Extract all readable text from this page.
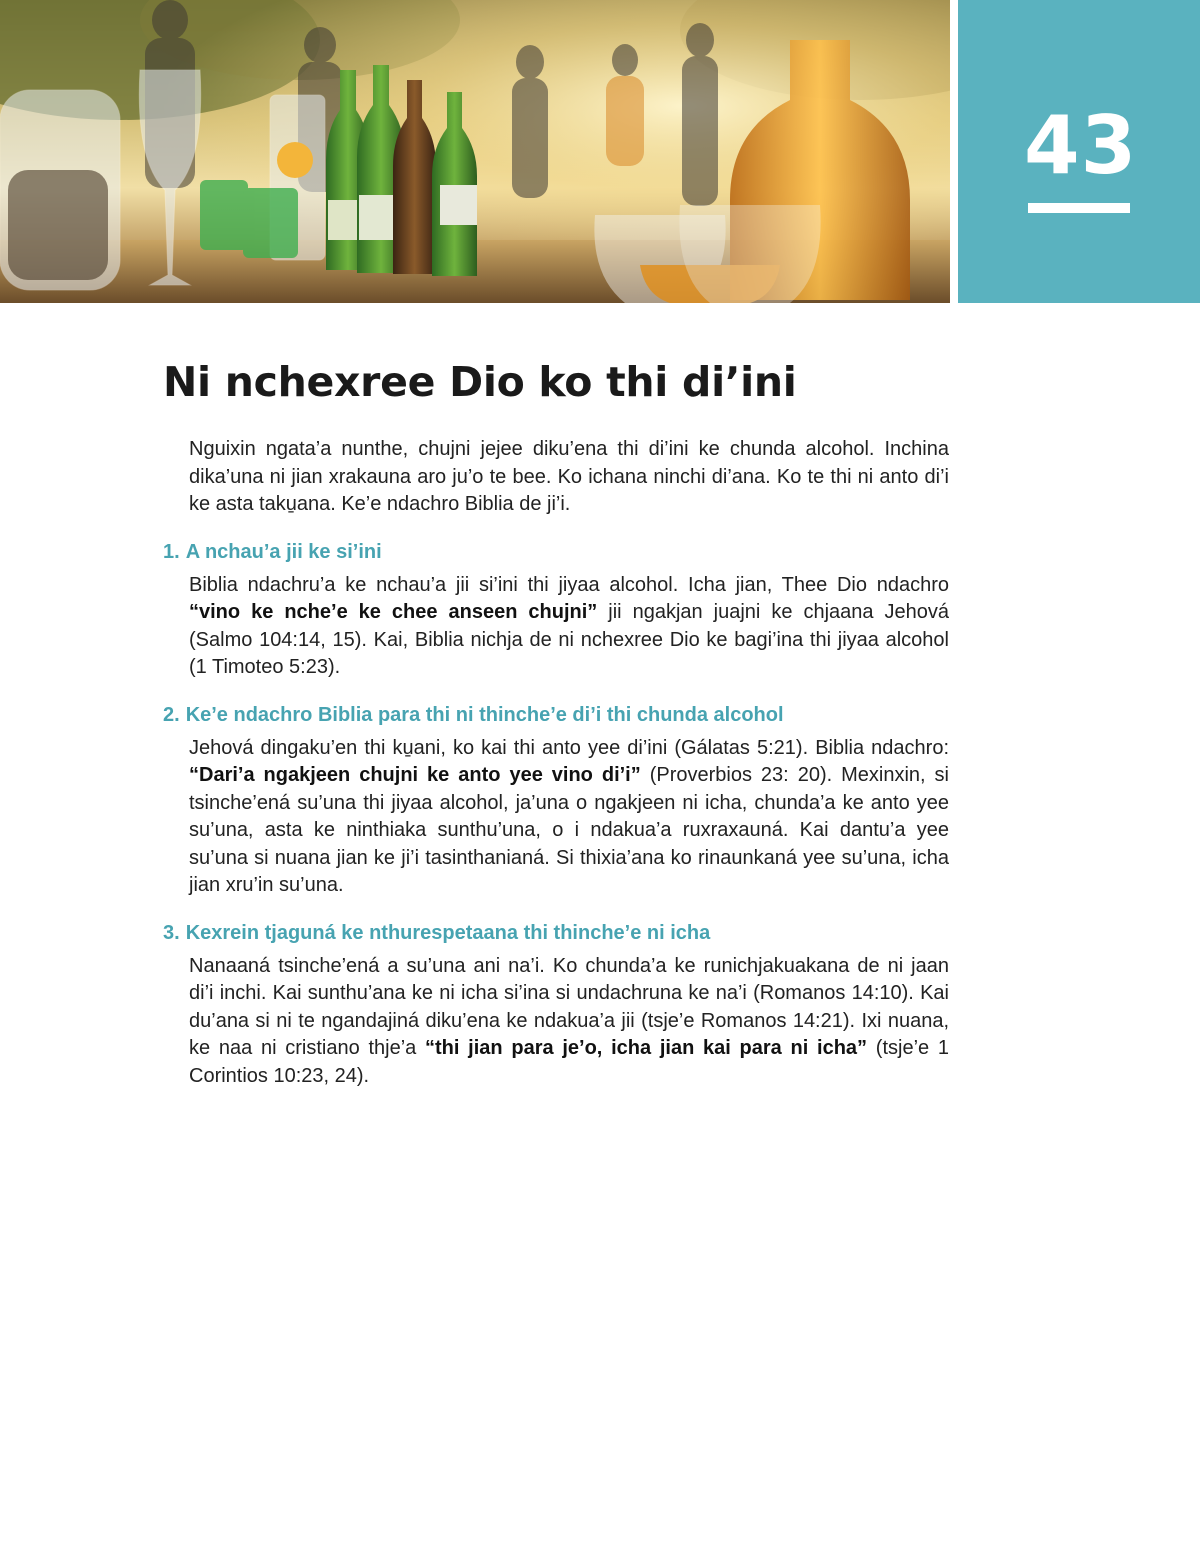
43
Ni nchexree Dio ko thi di’ini

Nguixin ngata’a nunthe, chujni jejee diku’ena thi di’ini ke chunda alcohol. Inchina dika’una ni jian xrakauna aro ju’o te bee. Ko ichana ninchi di’ana. Ko te thi ni anto di’i ke asta taku̱ana. Ke’e ndachro Biblia de ji’i.

1. A nchau’a jii ke si’ini

Biblia ndachru’a ke nchau’a jii si’ini thi jiyaa alcohol. Icha jian, Thee Dio ndachro “vino ke nche’e ke chee anseen chujni” jii ngakjan juajni ke chjaana Jehová (Salmo 104:14, 15). Kai, Biblia nichja de ni nchexree Dio ke bagi’ina thi jiyaa alcohol (1 Timoteo 5:23).

2. Ke’e ndachro Biblia para thi ni thinche’e di’i thi chunda alcohol

Jehová dingaku’en thi ku̱ani, ko kai thi anto yee di’ini (Gálatas 5:21). Biblia ndachro: “Dari’a ngakjeen chujni ke anto yee vino di’i” (Proverbios 23: 20). Mexinxin, si tsinche’ená su’una thi jiyaa alcohol, ja’una o ngakjeen ni icha, chunda’a ke anto yee su’una, asta ke ninthiaka sunthu’una, o i ndakua’a ruxraxauná. Kai dantu’a yee su’una si nuana jian ke ji’i tasinthanianá. Si thixia’ana ko rinaunkaná yee su’una, icha jian xru’in su’una.

3. Kexrein tjaguná ke nthurespetaana thi thinche’e ni icha

Nanaaná tsinche’ená a su’una ani na’i. Ko chunda’a ke runichjakuakana de ni jaan di’i inchi. Kai sunthu’ana ke ni icha si’ina si undachruna ke na’i (Romanos 14:10). Kai du’ana si ni te ngandajiná diku’ena ke ndakua’a jii (tsje’e Romanos 14:21). Ixi nuana, ke naa ni cristiano thje’a “thi jian para je’o, icha jian kai para ni icha” (tsje’e 1 Corintios 10:23, 24).
